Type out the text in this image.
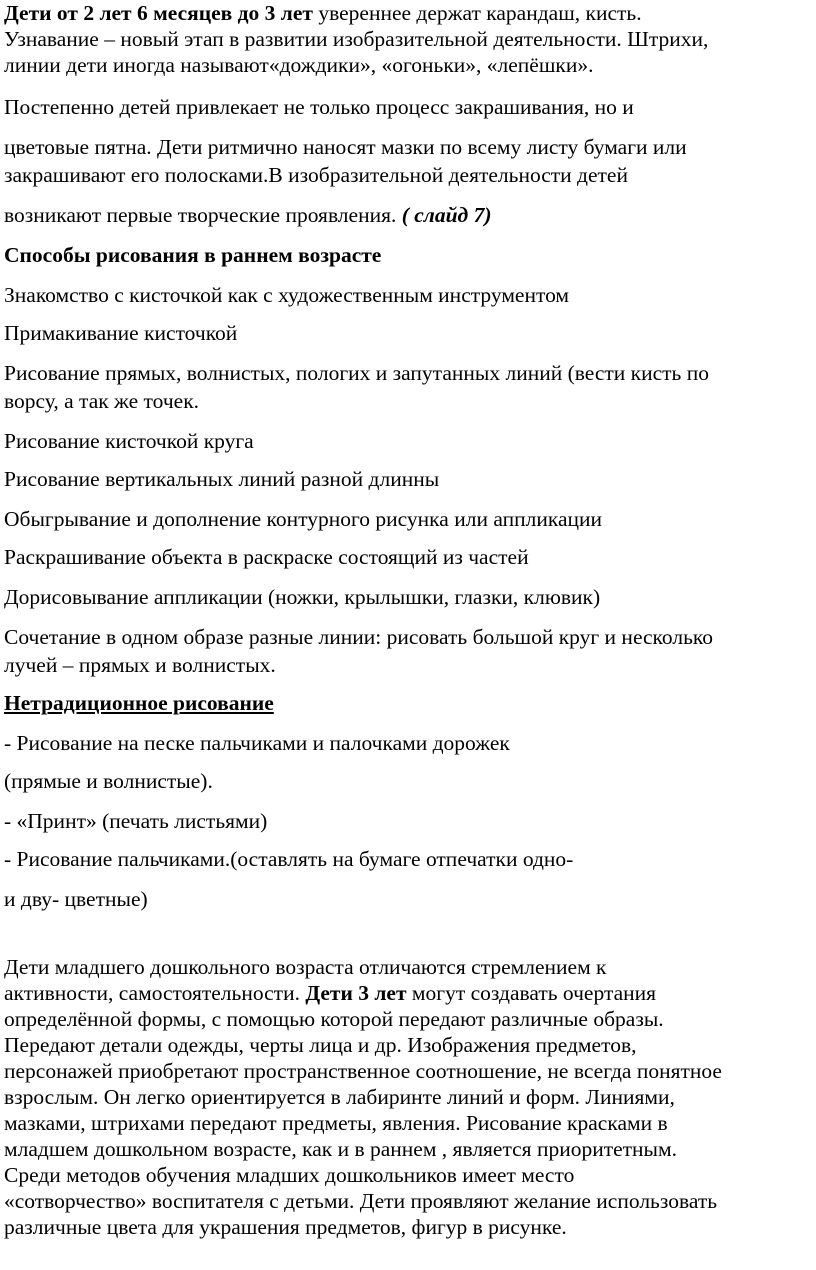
Дети от 2 лет 6 месяцев до 3 лет увереннее держат карандаш, кисть.
Узнавание – новый этап в развитии изобразительной деятельности. Штрихи,
линии дети иногда называют«дождики», «огоньки», «лепёшки».
Постепенно детей привлекает не только процесс закрашивания, но и
цветовые пятна. Дети ритмично наносят мазки по всему листу бумаги или
закрашивают его полосками.В изобразительной деятельности детей
возникают первые творческие проявления. ( слайд 7)
Способы рисования в раннем возрасте
Знакомство с кисточкой как с художественным инструментом
Примакивание кисточкой
Рисование прямых, волнистых, пологих и запутанных линий (вести кисть по
ворсу, а так же точек.
Рисование кисточкой круга
Рисование вертикальных линий разной длинны
Обыгрывание и дополнение контурного рисунка или аппликации
Раскрашивание объекта в раскраске состоящий из частей
Дорисовывание аппликации (ножки, крылышки, глазки, клювик)
Сочетание в одном образе разные линии: рисовать большой круг и несколько
лучей – прямых и волнистых.
Нетрадиционное рисование
- Рисование на песке пальчиками и палочками дорожек
(прямые и волнистые).
- «Принт» (печать листьями)
- Рисование пальчиками.(оставлять на бумаге отпечатки одно-
и дву- цветные)
Дети младшего дошкольного возраста отличаются стремлением к
активности, самостоятельности. Дети 3 лет могут создавать очертания
определённой формы, с помощью которой передают различные образы.
Передают детали одежды, черты лица и др. Изображения предметов,
персонажей приобретают пространственное соотношение, не всегда понятное
взрослым. Он легко ориентируется в лабиринте линий и форм. Линиями,
мазками, штрихами передают предметы, явления. Рисование красками в
младшем дошкольном возрасте, как и в раннем , является приоритетным.
Среди методов обучения младших дошкольников имеет место
«сотворчество» воспитателя с детьми. Дети проявляют желание использовать
различные цвета для украшения предметов, фигур в рисунке.
